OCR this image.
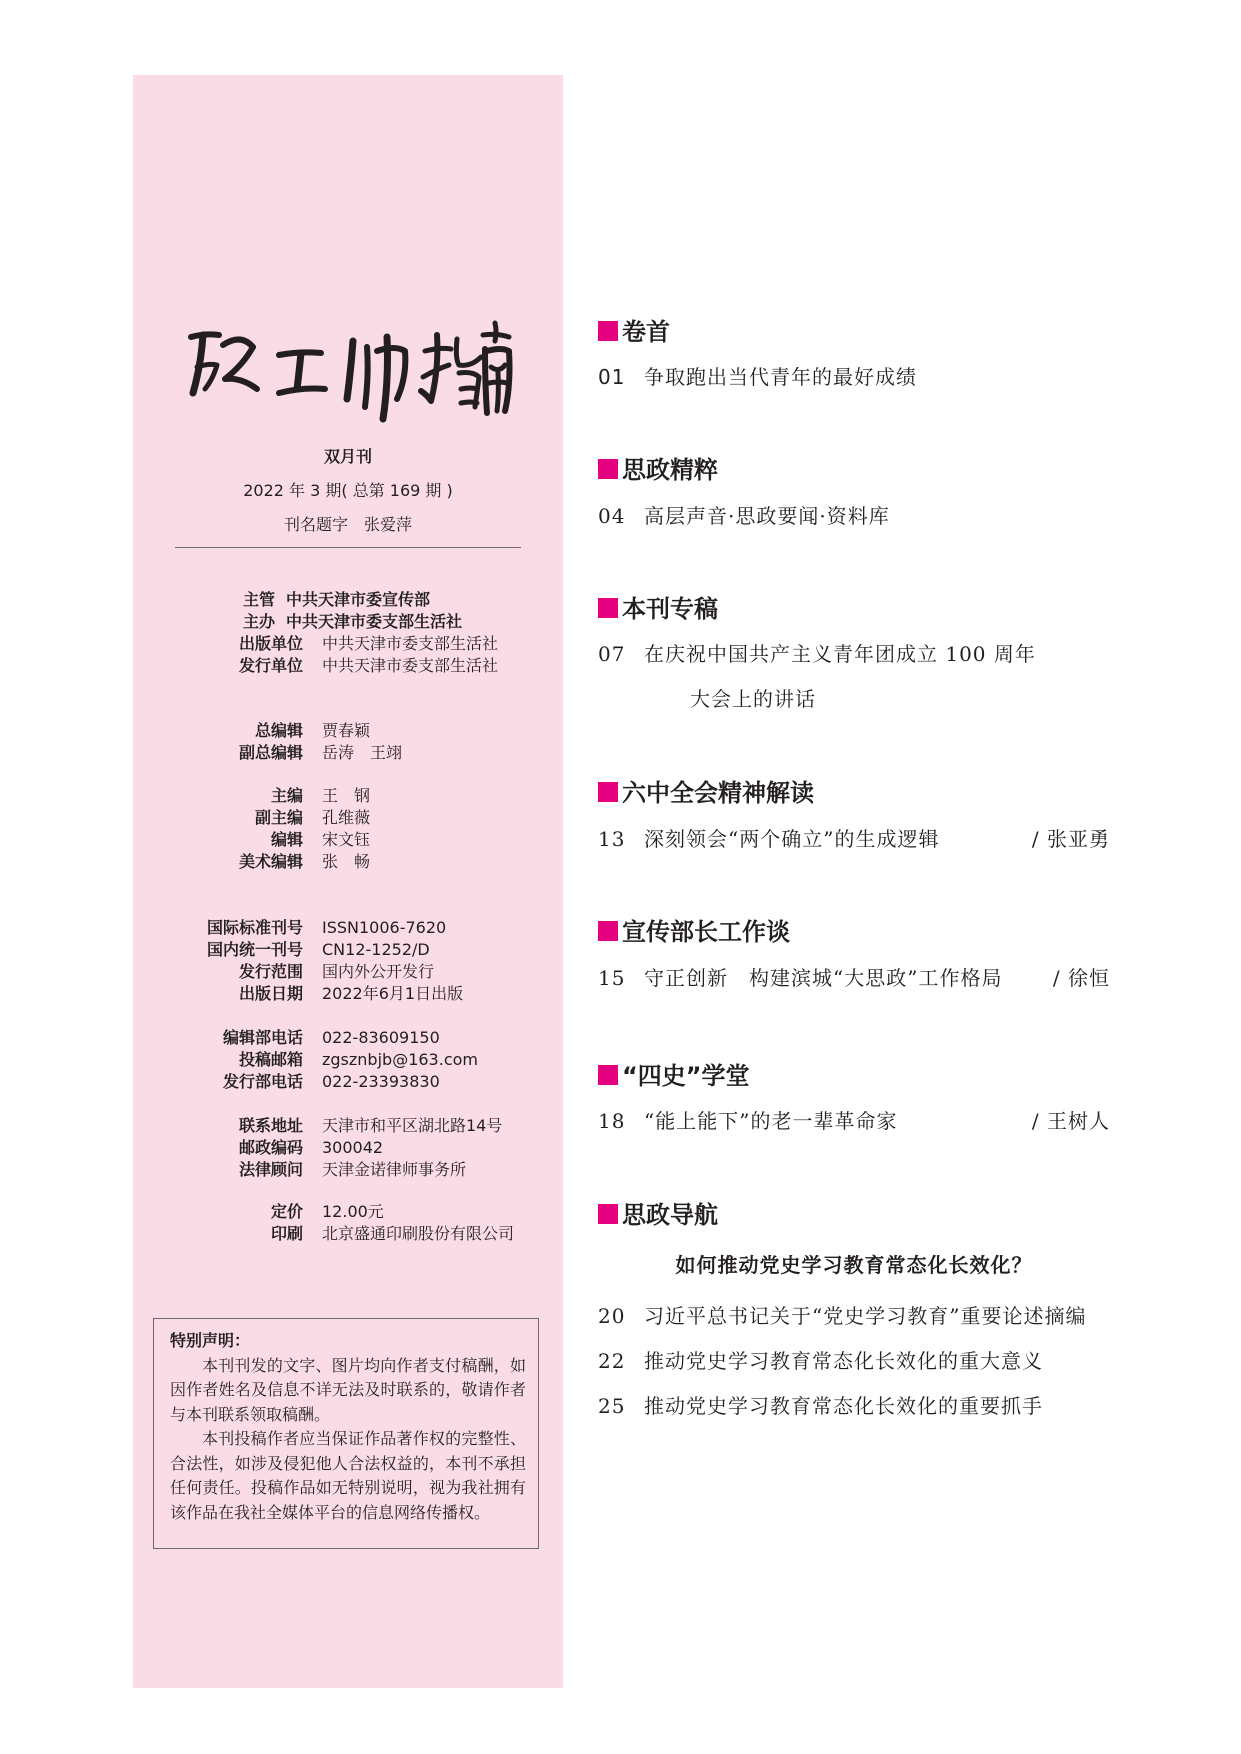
政工师指南
双月刊
2022 年 3 期( 总第 169 期 )
刊名题字　张爱萍
主管 中共天津市委宣传部
主办 中共天津市委支部生活社
出版单位 中共天津市委支部生活社
发行单位 中共天津市委支部生活社
总编辑 贾春颖
副总编辑 岳涛　王翊
主编 王　钢
副主编 孔维薇
编辑 宋文钰
美术编辑 张　畅
国际标准刊号 ISSN1006-7620
国内统一刊号 CN12-1252/D
发行范围 国内外公开发行
出版日期 2022年6月1日出版
编辑部电话 022-83609150
投稿邮箱 zgsznbjb@163.com
发行部电话 022-23393830
联系地址 天津市和平区湖北路14号
邮政编码 300042
法律顾问 天津金诺律师事务所
定价 12.00元
印刷 北京盛通印刷股份有限公司
特别声明：

本刊刊发的文字、图片均向作者支付稿酬，如因作者姓名及信息不详无法及时联系的，敬请作者与本刊联系领取稿酬。

本刊投稿作者应当保证作品著作权的完整性、合法性，如涉及侵犯他人合法权益的，本刊不承担任何责任。投稿作品如无特别说明，视为我社拥有该作品在我社全媒体平台的信息网络传播权。

卷首
01 争取跑出当代青年的最好成绩
思政精粹
04 高层声音·思政要闻·资料库
本刊专稿
07 在庆祝中国共产主义青年团成立 100 周年
大会上的讲话
六中全会精神解读
13 深刻领会“两个确立”的生成逻辑	/ 张亚勇
宣传部长工作谈
15 守正创新　构建滨城“大思政”工作格局	/ 徐恒
“四史”学堂
18 “能上能下”的老一辈革命家	/ 王树人
思政导航
如何推动党史学习教育常态化长效化？
20 习近平总书记关于“党史学习教育”重要论述摘编
22 推动党史学习教育常态化长效化的重大意义
25 推动党史学习教育常态化长效化的重要抓手
